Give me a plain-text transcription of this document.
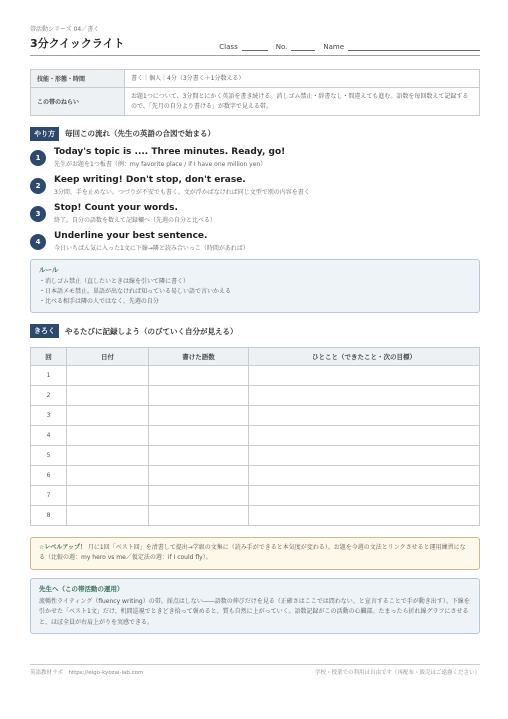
帯活動シリーズ 04／書く
3分クイックライト	Class	No.	Name
技能・形態・時間	書く｜個人｜4分（3分書く＋1分数える）
この帯のねらい	お題1つについて、3分間とにかく英語を書き続ける。消しゴム禁止・辞書なし・間違えても進む。語数を毎回数えて記録するので、「先月の自分より書ける」が数字で見える帯。
やり方	毎回この流れ（先生の英語の合図で始まる）
1
Today's topic is .... Three minutes. Ready, go!
先生がお題を1つ板書（例：my favorite place / if I have one million yen）
2
Keep writing! Don't stop, don't erase.
3分間、手を止めない。つづりが不安でも書く。文が浮かばなければ同じ文型で別の内容を書く
3
Stop! Count your words.
終了。自分の語数を数えて記録欄へ（先週の自分と比べる）
4
Underline your best sentence.
今日いちばん気に入った1文に下線→隣と読み合いっこ（時間があれば）
ルール
・消しゴム禁止（直したいときは線を引いて隣に書く）
・日本語メモ禁止。単語が出なければ知っている易しい語で言いかえる
・比べる相手は隣の人ではなく、先週の自分
きろく	やるたびに記録しよう（のびていく自分が見える）
回	日付	書けた語数	ひとこと（できたこと・次の目標）
1			
2			
3			
4			
5			
6			
7			
8			
☆レベルアップ！ 月に1回「ベスト回」を清書して提出→学級の文集に（読み手ができると本気度が変わる）。お題を今週の文法とリンクさせると運用練習になる（比較の週：my hero vs me／仮定法の週：if I could fly）。
先生へ（この帯活動の運用）
流暢性ライティング（fluency writing）の帯。採点はしない――語数の伸びだけを見る（正確さはここでは問わない、と宣言することで手が動き出す）。下線を引かせた「ベスト1文」だけ、机間巡視でときどき拾って褒めると、質も自然に上がっていく。語数記録がこの活動の心臓部。たまったら折れ線グラフにさせると、ほぼ全員が右肩上がりを実感できる。
英語教材ラボ　https://eigo-kyozai-lab.com	学校・授業での利用は自由です（再配布・販売はご遠慮ください）
